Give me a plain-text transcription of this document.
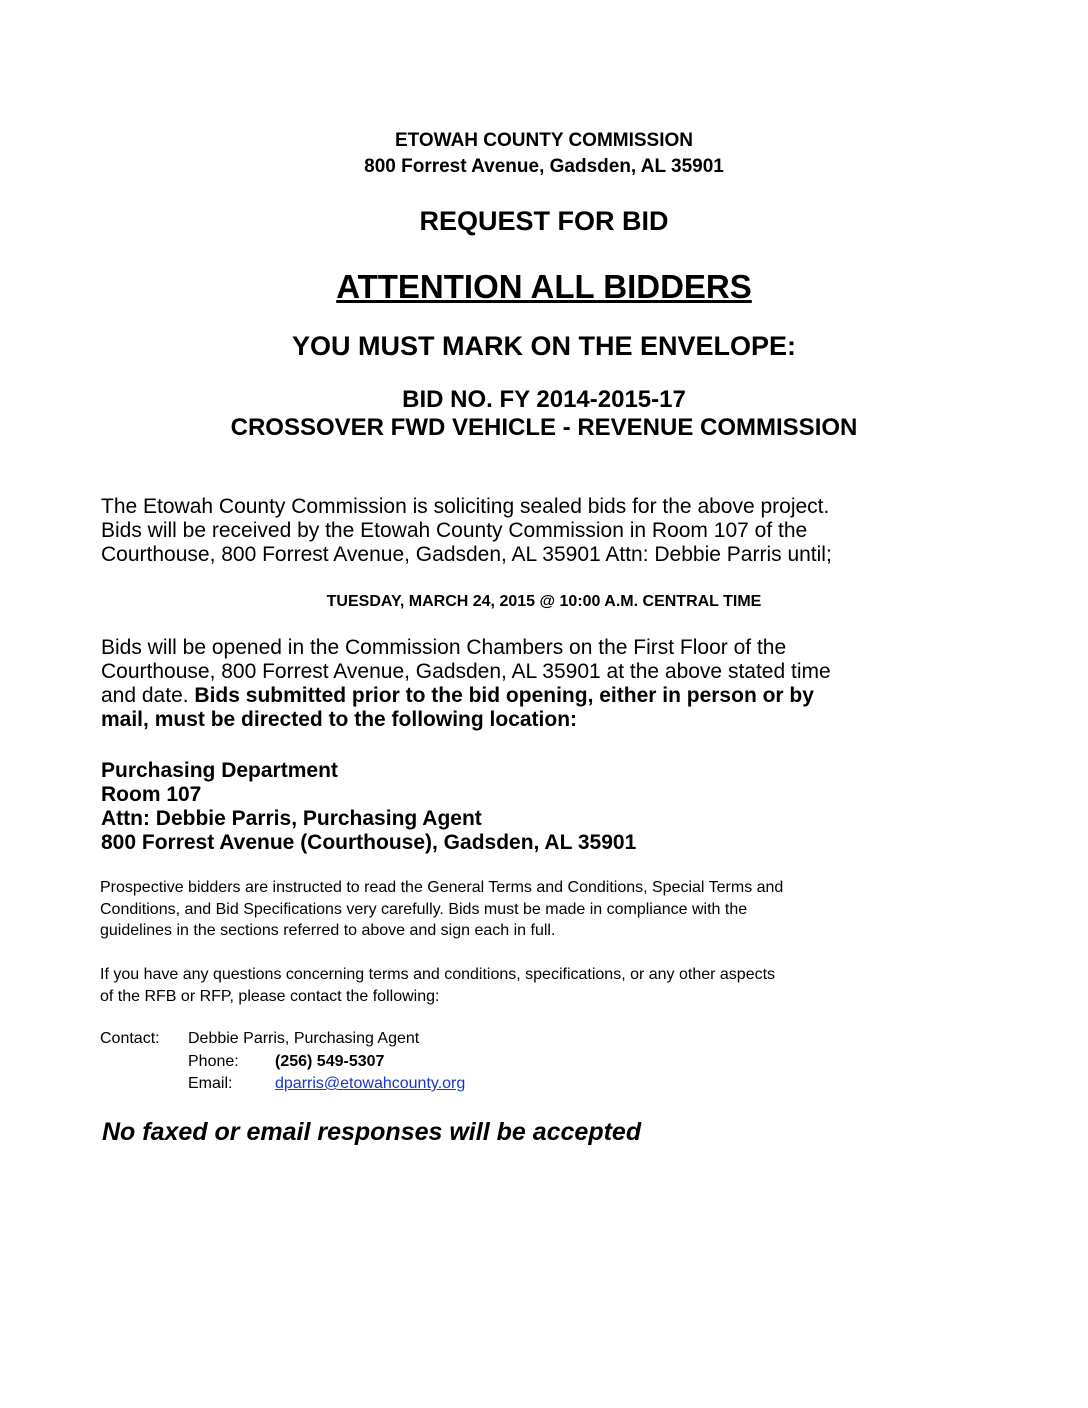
ETOWAH COUNTY COMMISSION
800 Forrest Avenue, Gadsden, AL 35901
REQUEST FOR BID
ATTENTION ALL BIDDERS
YOU MUST MARK ON THE ENVELOPE:
BID NO. FY 2014-2015-17
CROSSOVER FWD VEHICLE - REVENUE COMMISSION
The Etowah County Commission is soliciting sealed bids for the above project.
Bids will be received by the Etowah County Commission in Room 107 of the
Courthouse, 800 Forrest Avenue, Gadsden, AL 35901 Attn: Debbie Parris until;
TUESDAY, MARCH 24, 2015 @ 10:00 A.M. CENTRAL TIME
Bids will be opened in the Commission Chambers on the First Floor of the
Courthouse, 800 Forrest Avenue, Gadsden, AL 35901 at the above stated time
and date. Bids submitted prior to the bid opening, either in person or by
mail, must be directed to the following location:
Purchasing Department
Room 107
Attn: Debbie Parris, Purchasing Agent
800 Forrest Avenue (Courthouse), Gadsden, AL 35901
Prospective bidders are instructed to read the General Terms and Conditions, Special Terms and
Conditions, and Bid Specifications very carefully. Bids must be made in compliance with the
guidelines in the sections referred to above and sign each in full.
If you have any questions concerning terms and conditions, specifications, or any other aspects
of the RFB or RFP, please contact the following:
Contact: Debbie Parris, Purchasing Agent
Phone: (256) 549-5307
Email:	dparris@etowahcounty.org
No faxed or email responses will be accepted
